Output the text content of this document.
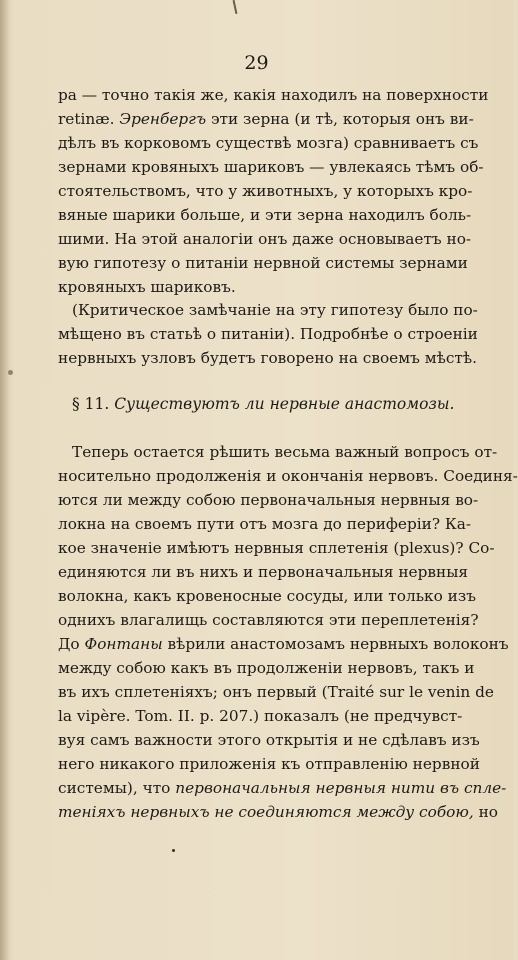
29
ра — точно такія же, какія находилъ на поверхности
retinæ. Эренбергъ эти зерна (и тѣ, которыя онъ ви-
дѣлъ въ корковомъ существѣ мозга) сравниваетъ съ
зернами кровяныхъ шариковъ — увлекаясь тѣмъ об-
стоятельствомъ, что у животныхъ, у которыхъ кро-
вяные шарики больше, и эти зерна находилъ боль-
шими. На этой аналогіи онъ даже основываетъ но-
вую гипотезу о питаніи нервной системы зернами
кровяныхъ шариковъ.
(Критическое замѣчаніе на эту гипотезу было по-
мѣщено въ статьѣ о питаніи). Подробнѣе о строеніи
нервныхъ узловъ будетъ говорено на своемъ мѣстѣ.
§ 11. Существуютъ ли нервные анастомозы.
Теперь остается рѣшить весьма важный вопросъ от-
носительно продолженія и окончанія нервовъ. Соединя-
ются ли между собою первоначальныя нервныя во-
локна на своемъ пути отъ мозга до периферіи? Ка-
кое значеніе имѣютъ нервныя сплетенія (plexus)? Со-
единяются ли въ нихъ и первоначальныя нервныя
волокна, какъ кровеносные сосуды, или только изъ
однихъ влагалищь составляются эти переплетенія?
До Фонтаны вѣрили анастомозамъ нервныхъ волоконъ
между собою какъ въ продолженіи нервовъ, такъ и
въ ихъ сплетеніяхъ; онъ первый (Traité sur le venin de
la vipère. Tom. II. p. 207.) показалъ (не предчувст-
вуя самъ важности этого открытія и не сдѣлавъ изъ
него никакого приложенія къ отправленію нервной
системы), что первоначальныя нервныя нити въ спле-
теніяхъ нервныхъ не соединяются между собою, но
